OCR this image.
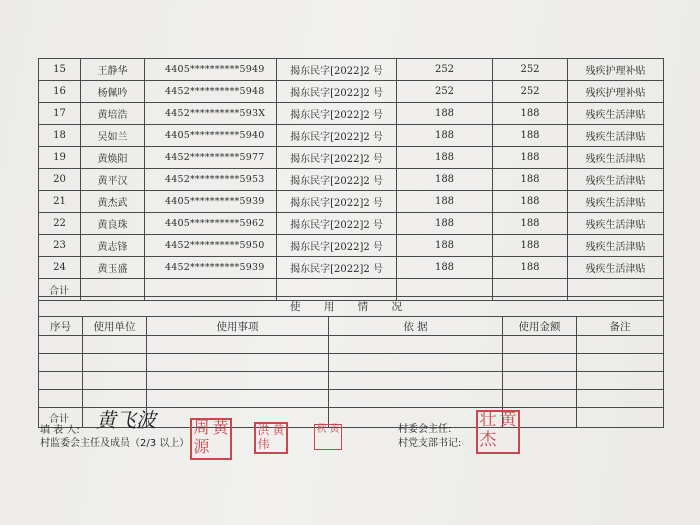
15	王静华	4405**********5949	揭东民字[2022]2 号	252	252	残疾护理补贴
16	杨佩吟	4452**********5948	揭东民字[2022]2 号	252	252	残疾护理补贴
17	黄培浩	4452**********593X	揭东民字[2022]2 号	188	188	残疾生活津贴
18	吴如兰	4405**********5940	揭东民字[2022]2 号	188	188	残疾生活津贴
19	黄焕阳	4452**********5977	揭东民字[2022]2 号	188	188	残疾生活津贴
20	黄平汉	4452**********5953	揭东民字[2022]2 号	188	188	残疾生活津贴
21	黄杰武	4405**********5939	揭东民字[2022]2 号	188	188	残疾生活津贴
22	黄良珠	4405**********5962	揭东民字[2022]2 号	188	188	残疾生活津贴
23	黄志锋	4452**********5950	揭东民字[2022]2 号	188	188	残疾生活津贴
24	黄玉盛	4452**********5939	揭东民字[2022]2 号	188	188	残疾生活津贴
合计						
使 用 情 况					
序号	使用单位	使用事项	依 据	使用金额	备注

合计					
填 表 人: 黄飞波
村监委会主任及成员（2/3 以上）:
村委会主任:
村党支部书记:
周 黄
源
洪 黄
伟
秋 黄	壮 黄
杰
